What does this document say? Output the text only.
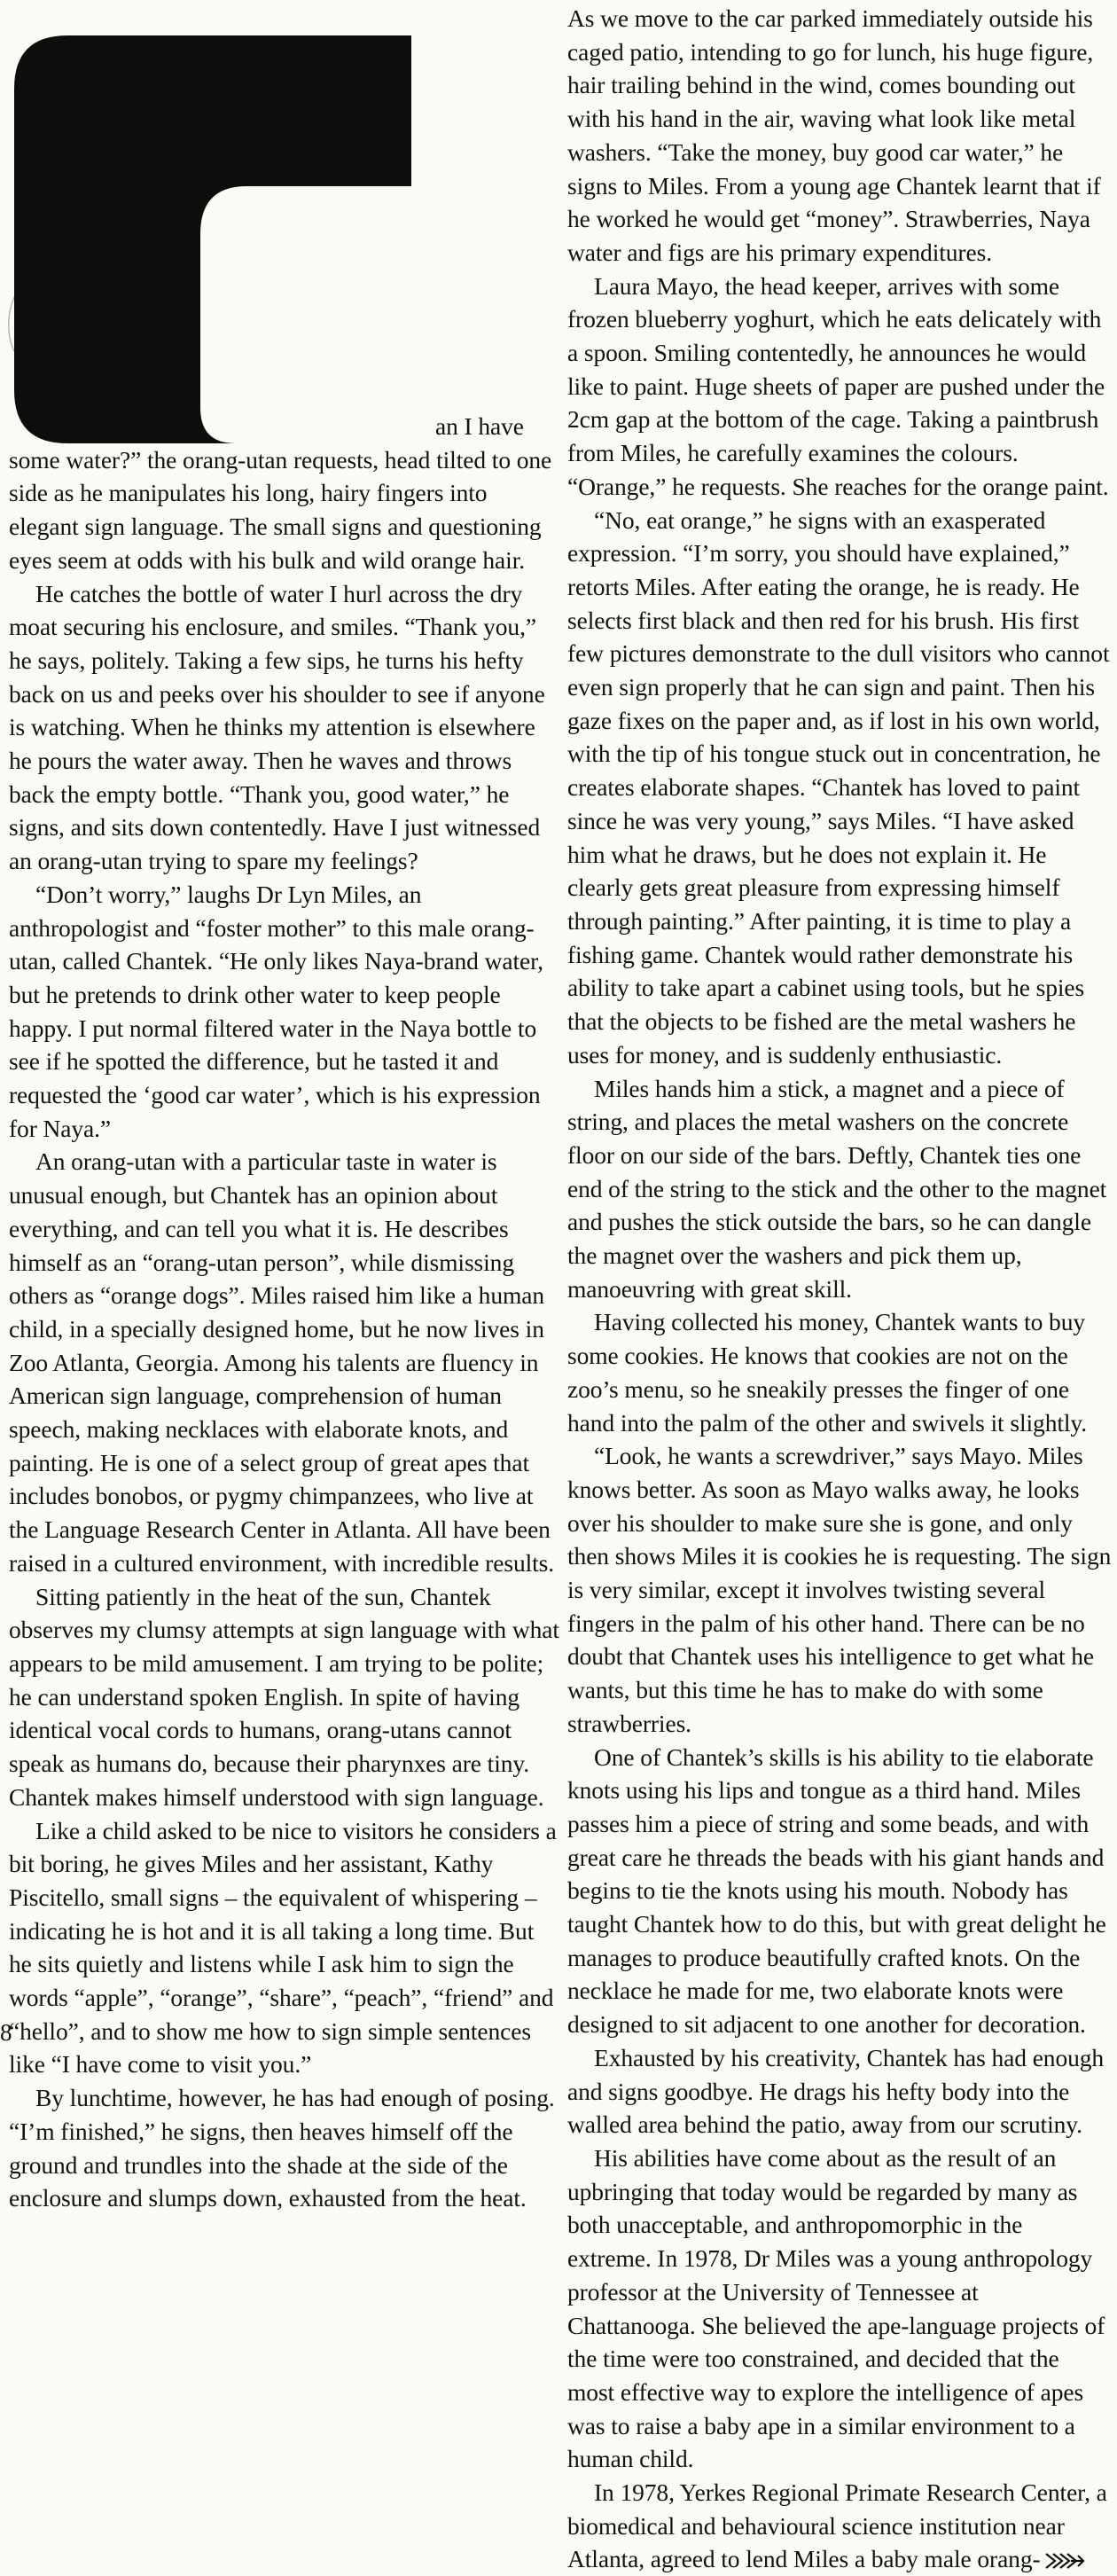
an I have
some water?” the orang-utan requests, head tilted to one side as he manipulates his long, hairy fingers into elegant sign language. The small signs and questioning eyes seem at odds with his bulk and wild orange hair.

He catches the bottle of water I hurl across the dry moat securing his enclosure, and smiles. “Thank you,” he says, politely. Taking a few sips, he turns his hefty back on us and peeks over his shoulder to see if anyone is watching. When he thinks my attention is elsewhere he pours the water away. Then he waves and throws back the empty bottle. “Thank you, good water,” he signs, and sits down contentedly. Have I just witnessed an orang-utan trying to spare my feelings?

“Don’t worry,” laughs Dr Lyn Miles, an anthropologist and “foster mother” to this male orang-utan, called Chantek. “He only likes Naya-brand water, but he pretends to drink other water to keep people happy. I put normal filtered water in the Naya bottle to see if he spotted the difference, but he tasted it and requested the ‘good car water’, which is his expression for Naya.”

An orang-utan with a particular taste in water is unusual enough, but Chantek has an opinion about everything, and can tell you what it is. He describes himself as an “orang-utan person”, while dismissing others as “orange dogs”. Miles raised him like a human child, in a specially designed home, but he now lives in Zoo Atlanta, Georgia. Among his talents are fluency in American sign language, comprehension of human speech, making necklaces with elaborate knots, and painting. He is one of a select group of great apes that includes bonobos, or pygmy chimpanzees, who live at the Language Research Center in Atlanta. All have been raised in a cultured environment, with incredible results.

Sitting patiently in the heat of the sun, Chantek observes my clumsy attempts at sign language with what appears to be mild amusement. I am trying to be polite; he can understand spoken English. In spite of having identical vocal cords to humans, orang-utans cannot speak as humans do, because their pharynxes are tiny. Chantek makes himself understood with sign language.

Like a child asked to be nice to visitors he considers a bit boring, he gives Miles and her assistant, Kathy Piscitello, small signs – the equivalent of whispering – indicating he is hot and it is all taking a long time. But he sits quietly and listens while I ask him to sign the words “apple”, “orange”, “share”, “peach”, “friend” and “hello”, and to show me how to sign simple sentences like “I have come to visit you.”

By lunchtime, however, he has had enough of posing. “I’m finished,” he signs, then heaves himself off the ground and trundles into the shade at the side of the enclosure and slumps down, exhausted from the heat.

As we move to the car parked immediately outside his caged patio, intending to go for lunch, his huge figure, hair trailing behind in the wind, comes bounding out with his hand in the air, waving what look like metal washers. “Take the money, buy good car water,” he signs to Miles. From a young age Chantek learnt that if he worked he would get “money”. Strawberries, Naya water and figs are his primary expenditures.

Laura Mayo, the head keeper, arrives with some frozen blueberry yoghurt, which he eats delicately with a spoon. Smiling contentedly, he announces he would like to paint. Huge sheets of paper are pushed under the 2cm gap at the bottom of the cage. Taking a paintbrush from Miles, he carefully examines the colours. “Orange,” he requests. She reaches for the orange paint.

“No, eat orange,” he signs with an exasperated expression. “I’m sorry, you should have explained,” retorts Miles. After eating the orange, he is ready. He selects first black and then red for his brush. His first few pictures demonstrate to the dull visitors who cannot even sign properly that he can sign and paint. Then his gaze fixes on the paper and, as if lost in his own world, with the tip of his tongue stuck out in concentration, he creates elaborate shapes. “Chantek has loved to paint since he was very young,” says Miles. “I have asked him what he draws, but he does not explain it. He clearly gets great pleasure from expressing himself through painting.” After painting, it is time to play a fishing game. Chantek would rather demonstrate his ability to take apart a cabinet using tools, but he spies that the objects to be fished are the metal washers he uses for money, and is suddenly enthusiastic.

Miles hands him a stick, a magnet and a piece of string, and places the metal washers on the concrete floor on our side of the bars. Deftly, Chantek ties one end of the string to the stick and the other to the magnet and pushes the stick outside the bars, so he can dangle the magnet over the washers and pick them up, manoeuvring with great skill.

Having collected his money, Chantek wants to buy some cookies. He knows that cookies are not on the zoo’s menu, so he sneakily presses the finger of one hand into the palm of the other and swivels it slightly.

“Look, he wants a screwdriver,” says Mayo. Miles knows better. As soon as Mayo walks away, he looks over his shoulder to make sure she is gone, and only then shows Miles it is cookies he is requesting. The sign is very similar, except it involves twisting several fingers in the palm of his other hand. There can be no doubt that Chantek uses his intelligence to get what he wants, but this time he has to make do with some strawberries.

One of Chantek’s skills is his ability to tie elaborate knots using his lips and tongue as a third hand. Miles passes him a piece of string and some beads, and with great care he threads the beads with his giant hands and begins to tie the knots using his mouth. Nobody has taught Chantek how to do this, but with great delight he manages to produce beautifully crafted knots. On the necklace he made for me, two elaborate knots were designed to sit adjacent to one another for decoration.

Exhausted by his creativity, Chantek has had enough and signs goodbye. He drags his hefty body into the walled area behind the patio, away from our scrutiny.

His abilities have come about as the result of an upbringing that today would be regarded by many as both unacceptable, and anthropomorphic in the extreme. In 1978, Dr Miles was a young anthropology professor at the University of Tennessee at Chattanooga. She believed the ape-language projects of the time were too constrained, and decided that the most effective way to explore the intelligence of apes was to raise a baby ape in a similar environment to a human child.

In 1978, Yerkes Regional Primate Research Center, a biomedical and behavioural science institution near Atlanta, agreed to lend Miles a baby male orang-

8
